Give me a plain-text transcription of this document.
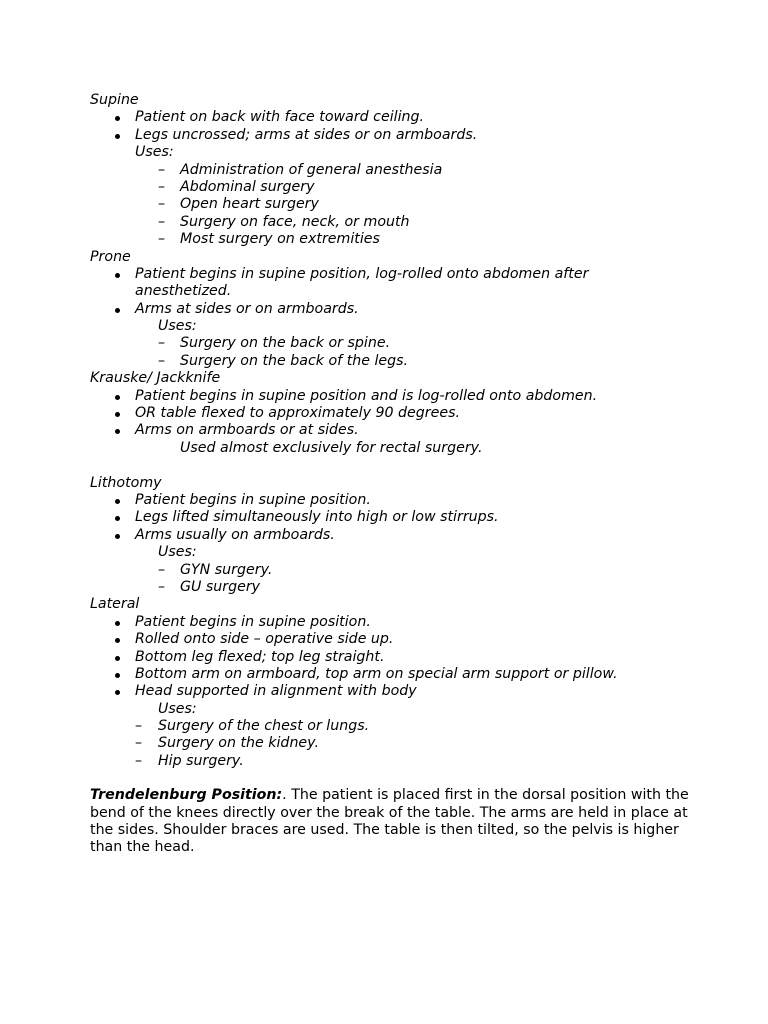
Supine
Patient on back with face toward ceiling.
Legs uncrossed; arms at sides or on armboards.
Uses:
– Administration of general anesthesia
– Abdominal surgery
– Open heart surgery
– Surgery on face, neck, or mouth
– Most surgery on extremities
Prone
Patient begins in supine position, log-rolled onto abdomen after
anesthetized.
Arms at sides or on armboards.
Uses:
– Surgery on the back or spine.
– Surgery on the back of the legs.
Krauske/ Jackknife
Patient begins in supine position and is log-rolled onto abdomen.
OR table flexed to approximately 90 degrees.
Arms on armboards or at sides.
Used almost exclusively for rectal surgery.
Lithotomy
Patient begins in supine position.
Legs lifted simultaneously into high or low stirrups.
Arms usually on armboards.
Uses:
– GYN surgery.
– GU surgery
Lateral
Patient begins in supine position.
Rolled onto side – operative side up.
Bottom leg flexed; top leg straight.
Bottom arm on armboard, top arm on special arm support or pillow.
Head supported in alignment with body
Uses:
– Surgery of the chest or lungs.
– Surgery on the kidney.
– Hip surgery.
Trendelenburg Position:. The patient is placed first in the dorsal position with the bend of the knees directly over the break of the table. The arms are held in place at the sides. Shoulder braces are used. The table is then tilted, so the pelvis is higher than the head.
